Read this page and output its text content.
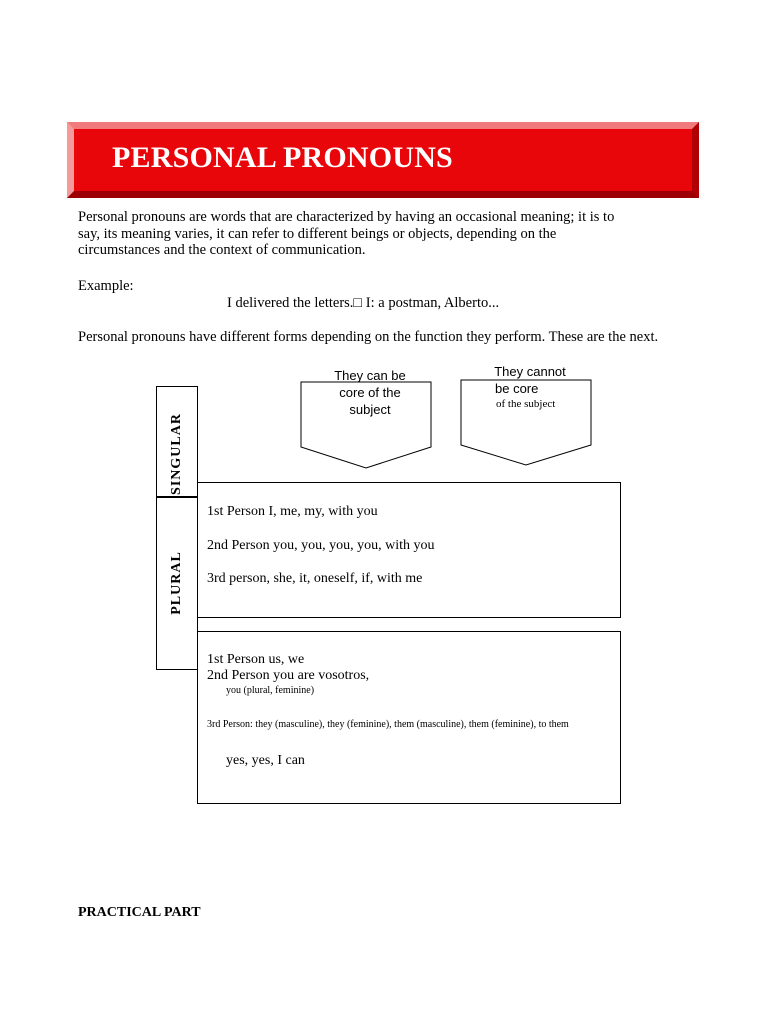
PERSONAL PRONOUNS
Personal pronouns are words that are characterized by having an occasional meaning; it is to say, its meaning varies, it can refer to different beings or objects, depending on the circumstances and the context of communication.
Example:
I delivered the letters.□ I: a postman, Alberto...
Personal pronouns have different forms depending on the function they perform. These are the next.
They can be
core of the
subject
They cannot
be core
of the subject
SINGULAR
PLURAL
1st Person I, me, my, with you
2nd Person you, you, you, you, with you
3rd person, she, it, oneself, if, with me
1st Person us, we
2nd Person you are vosotros,
you (plural, feminine)
3rd Person: they (masculine), they (feminine), them (masculine), them (feminine), to them
yes, yes, I can
PRACTICAL PART
